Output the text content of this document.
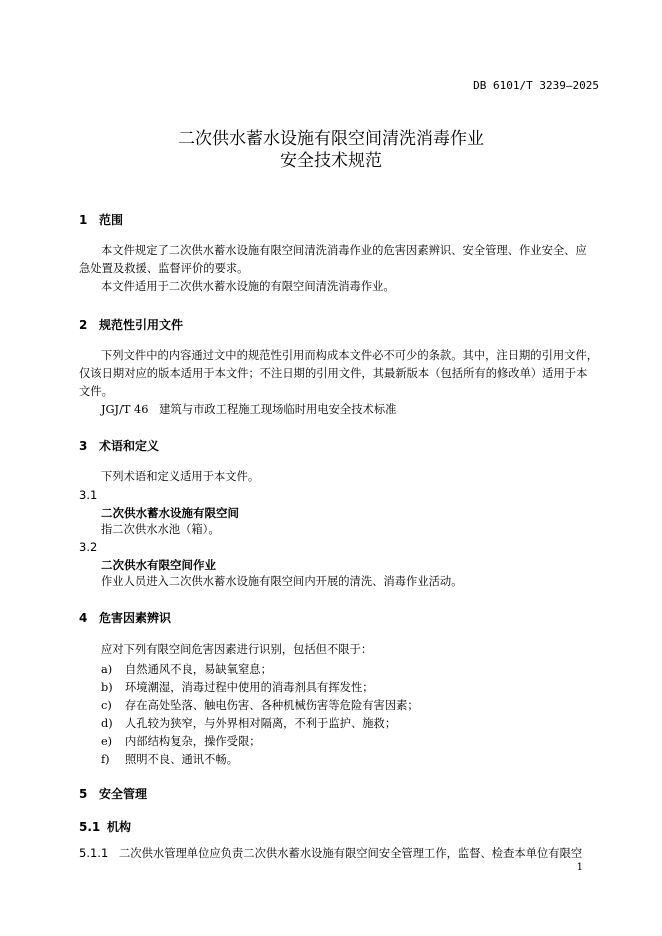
DB 6101/T 3239—2025
二次供水蓄水设施有限空间清洗消毒作业
安全技术规范
1 范围
本文件规定了二次供水蓄水设施有限空间清洗消毒作业的危害因素辨识、安全管理、作业安全、应
急处置及救援、监督评价的要求。
本文件适用于二次供水蓄水设施的有限空间清洗消毒作业。
2 规范性引用文件
下列文件中的内容通过文中的规范性引用而构成本文件必不可少的条款。其中，注日期的引用文件，
仅该日期对应的版本适用于本文件；不注日期的引用文件，其最新版本（包括所有的修改单）适用于本
文件。
JGJ/T 46 建筑与市政工程施工现场临时用电安全技术标准
3 术语和定义
下列术语和定义适用于本文件。
3.1
二次供水蓄水设施有限空间
指二次供水水池（箱）。
3.2
二次供水有限空间作业
作业人员进入二次供水蓄水设施有限空间内开展的清洗、消毒作业活动。
4 危害因素辨识
应对下列有限空间危害因素进行识别，包括但不限于：
a) 自然通风不良，易缺氧窒息；
b) 环境潮湿，消毒过程中使用的消毒剂具有挥发性；
c) 存在高处坠落、触电伤害、各种机械伤害等危险有害因素；
d) 人孔较为狭窄，与外界相对隔离，不利于监护、施救；
e) 内部结构复杂，操作受限；
f) 照明不良、通讯不畅。
5 安全管理
5.1 机构
5.1.1 二次供水管理单位应负责二次供水蓄水设施有限空间安全管理工作，监督、检查本单位有限空
1
